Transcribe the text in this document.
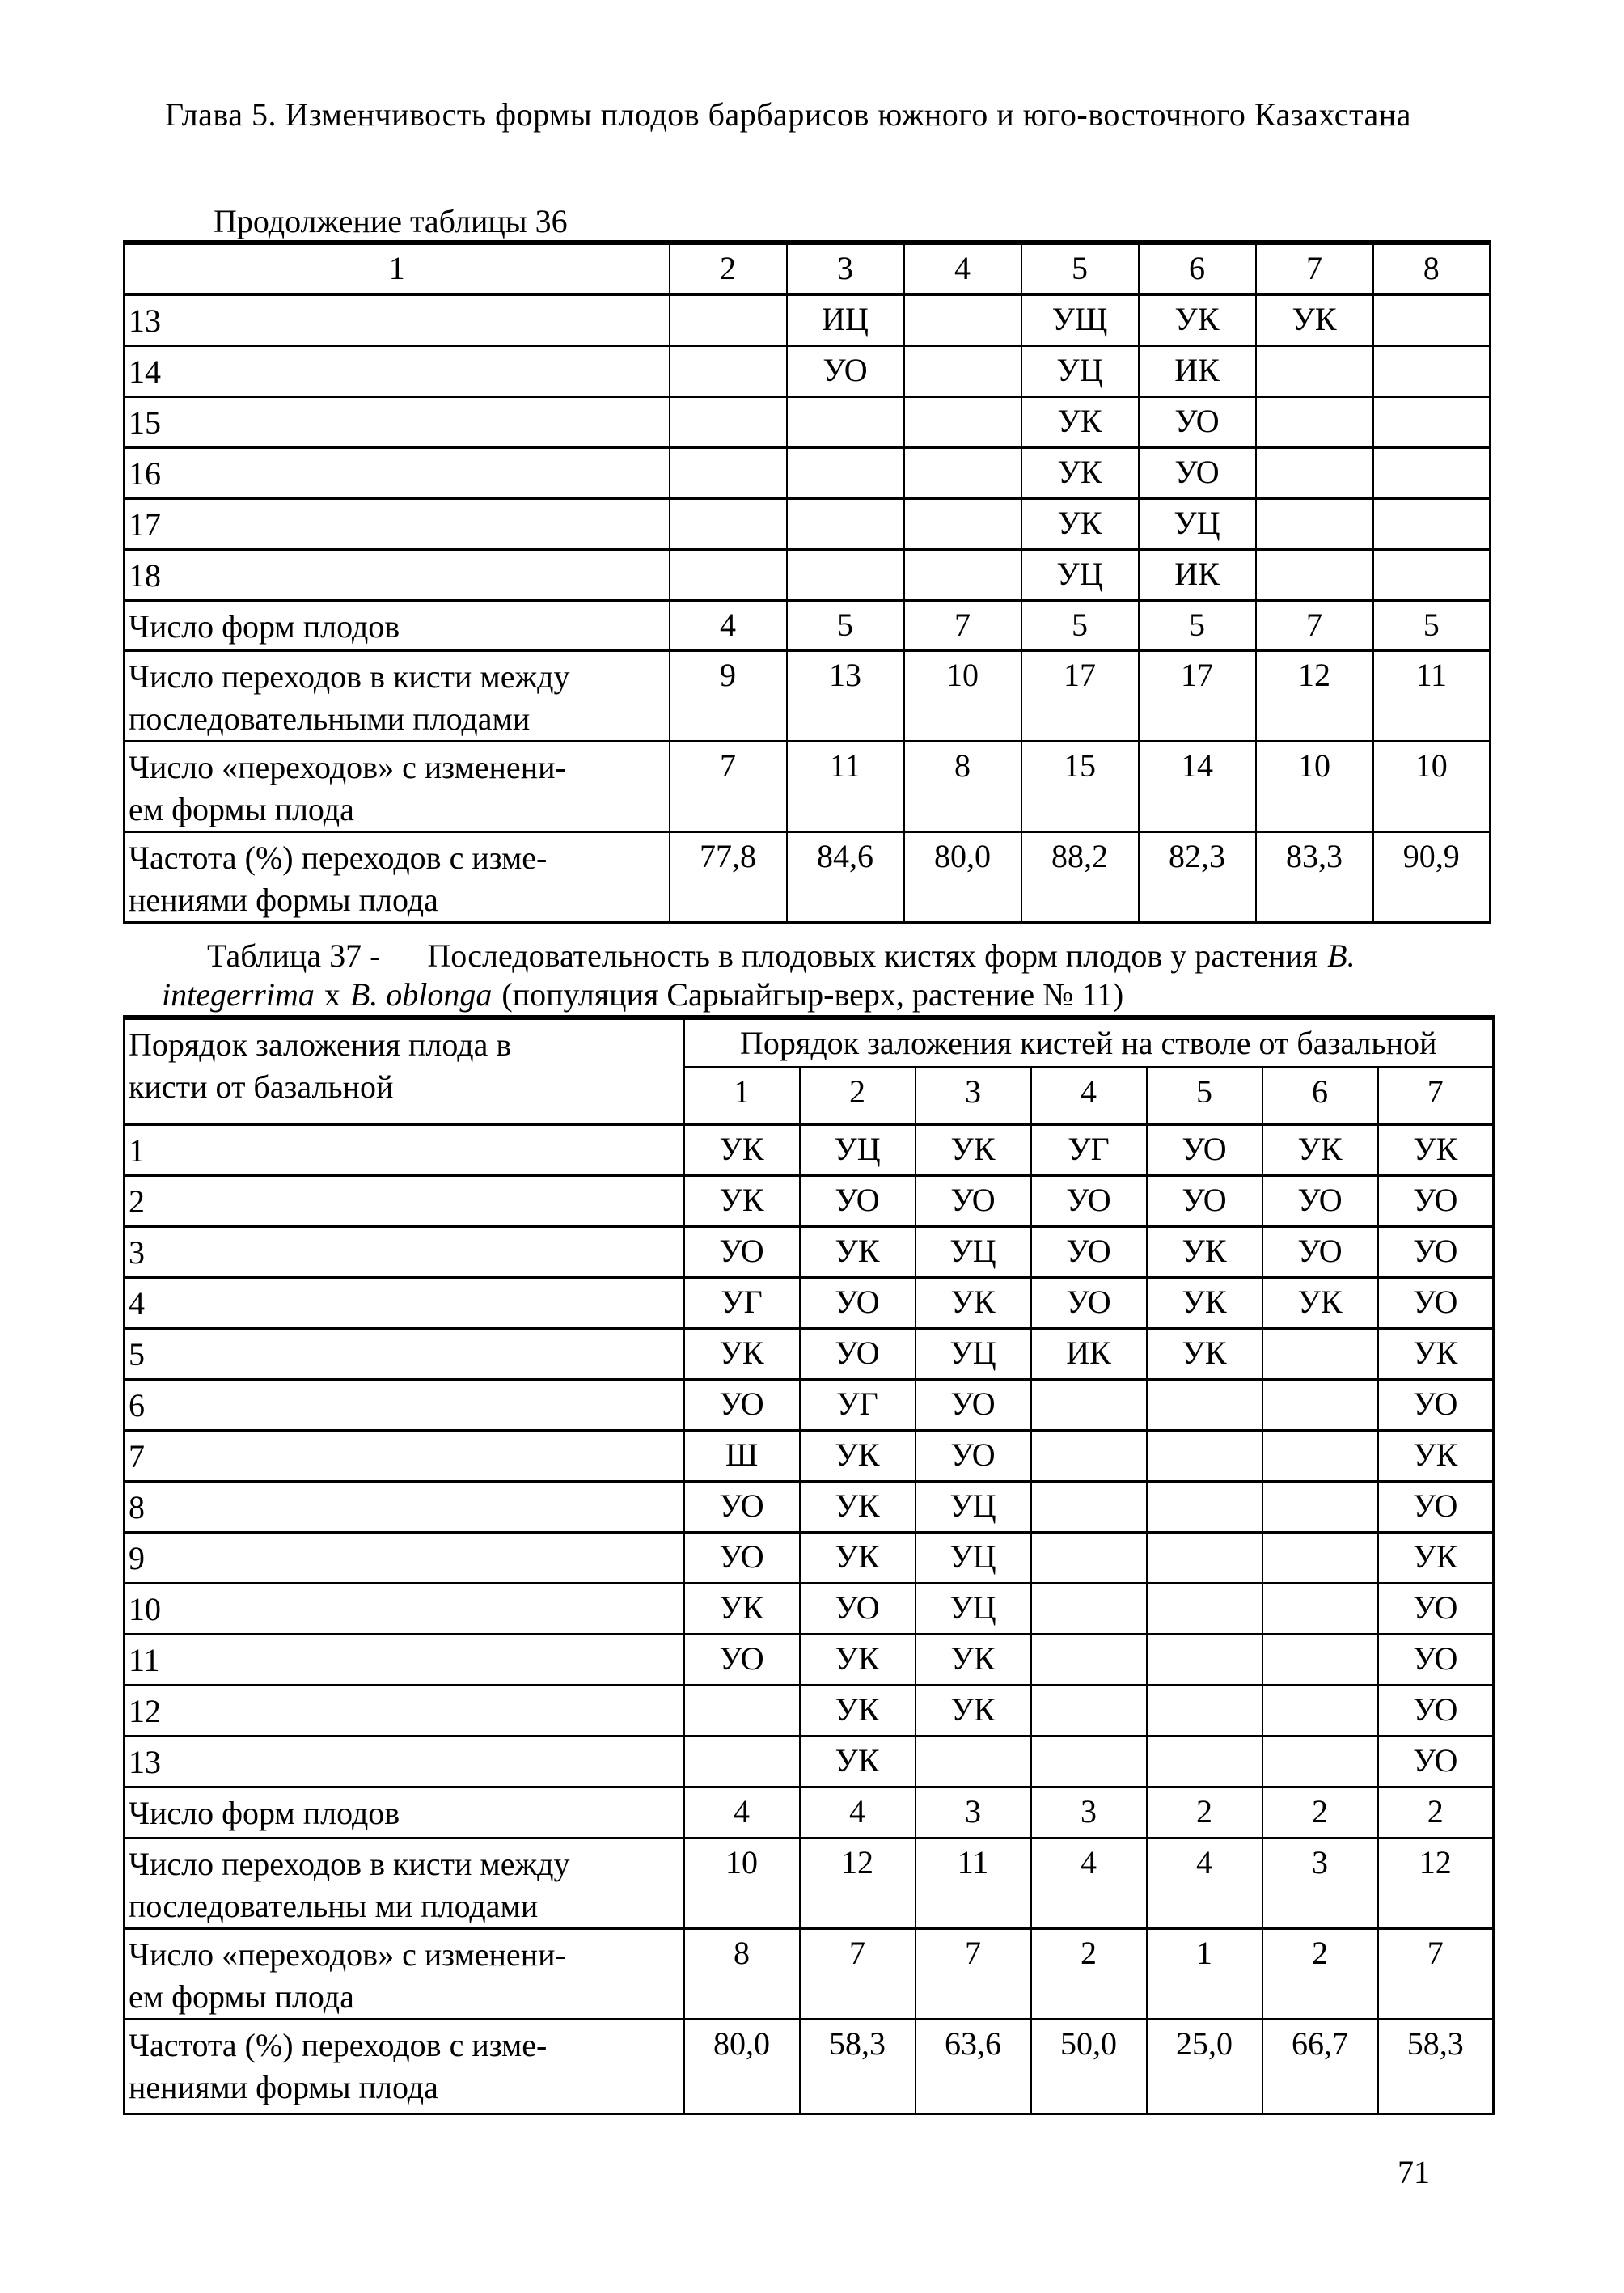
Глава 5. Изменчивость формы плодов барбарисов южного и юго-восточного Казахстана
Продолжение таблицы 36
1	2	3	4	5	6	7	8
13		ИЦ		УЩ	УК	УК	
14		УО		УЦ	ИК		
15				УК	УО		
16				УК	УО		
17				УК	УЦ		
18				УЦ	ИК		

Число форм плодов	4	5	7	5	5	7	5

Число переходов в кисти между
последовательными плодами	9	13	10	17	17	12	11

Число «переходов» с изменени-
ем формы плода	7	11	8	15	14	10	10

Частота (%) переходов с изме-
нениями формы плода	77,8	84,6	80,0	88,2	82,3	83,3	90,9
Таблица 37 - Последовательность в плодовых кистях форм плодов у растения В.
integerrima х В. oblonga (популяция Сарыайгыр-верх, растение № 11)
Порядок заложения плода в
кисти от базальной	Порядок заложения кистей на стволе от базальной						
	1	2	3	4	5	6	7
1	УК	УЦ	УК	УГ	УО	УК	УК
2	УК	УО	УО	УО	УО	УО	УО
3	УО	УК	УЦ	УО	УК	УО	УО
4	УГ	УО	УК	УО	УК	УК	УО
5	УК	УО	УЦ	ИК	УК		УК
6	УО	УГ	УО				УО
7	Ш	УК	УО				УК
8	УО	УК	УЦ				УО
9	УО	УК	УЦ				УК
10	УК	УО	УЦ				УО
11	УО	УК	УК				УО
12		УК	УК				УО
13		УК					УО

Число форм плодов	4	4	3	3	2	2	2

Число переходов в кисти между
последовательны ми плодами	10	12	11	4	4	3	12

Число «переходов» с изменени-
ем формы плода	8	7	7	2	1	2	7

Частота (%) переходов с изме-
нениями формы плода	80,0	58,3	63,6	50,0	25,0	66,7	58,3
71
